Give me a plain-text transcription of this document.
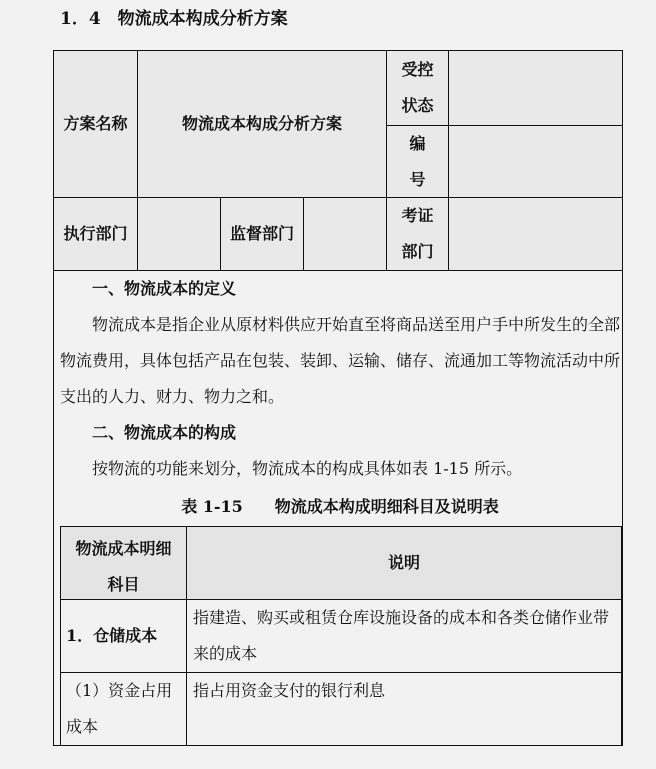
1．4　物流成本构成分析方案
方案名称	物流成本构成分析方案
受控状态
编号
执行部门	监督部门
考证部门
一、物流成本的定义
物流成本是指企业从原材料供应开始直至将商品送至用户手中所发生的全部物流费用，具体包括产品在包装、装卸、运输、储存、流通加工等物流活动中所支出的人力、财力、物力之和。
二、物流成本的构成
按物流的功能来划分，物流成本的构成具体如表 1-15 所示。
表 1-15　　物流成本构成明细科目及说明表
物流成本明细科目
说明
1．仓储成本
指建造、购买或租赁仓库设施设备的成本和各类仓储作业带来的成本
（1）资金占用成本
指占用资金支付的银行利息
